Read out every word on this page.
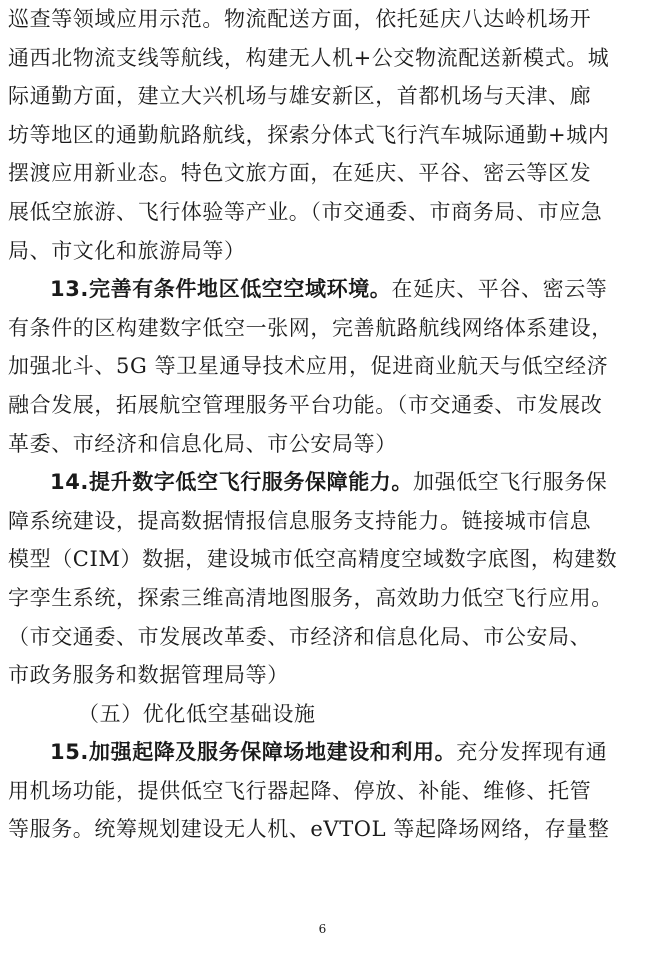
巡查等领域应用示范。物流配送方面，依托延庆八达岭机场开
通西北物流支线等航线，构建无人机+公交物流配送新模式。城
际通勤方面，建立大兴机场与雄安新区，首都机场与天津、廊
坊等地区的通勤航路航线，探索分体式飞行汽车城际通勤+城内
摆渡应用新业态。特色文旅方面，在延庆、平谷、密云等区发
展低空旅游、飞行体验等产业。（市交通委、市商务局、市应急
局、市文化和旅游局等）
13.完善有条件地区低空空域环境。在延庆、平谷、密云等
有条件的区构建数字低空一张网，完善航路航线网络体系建设，
加强北斗、5G 等卫星通导技术应用，促进商业航天与低空经济
融合发展，拓展航空管理服务平台功能。（市交通委、市发展改
革委、市经济和信息化局、市公安局等）
14.提升数字低空飞行服务保障能力。加强低空飞行服务保
障系统建设，提高数据情报信息服务支持能力。链接城市信息
模型（CIM）数据，建设城市低空高精度空域数字底图，构建数
字孪生系统，探索三维高清地图服务，高效助力低空飞行应用。
（市交通委、市发展改革委、市经济和信息化局、市公安局、
市政务服务和数据管理局等）
（五）优化低空基础设施
15.加强起降及服务保障场地建设和利用。充分发挥现有通
用机场功能，提供低空飞行器起降、停放、补能、维修、托管
等服务。统筹规划建设无人机、eVTOL 等起降场网络，存量整
6
